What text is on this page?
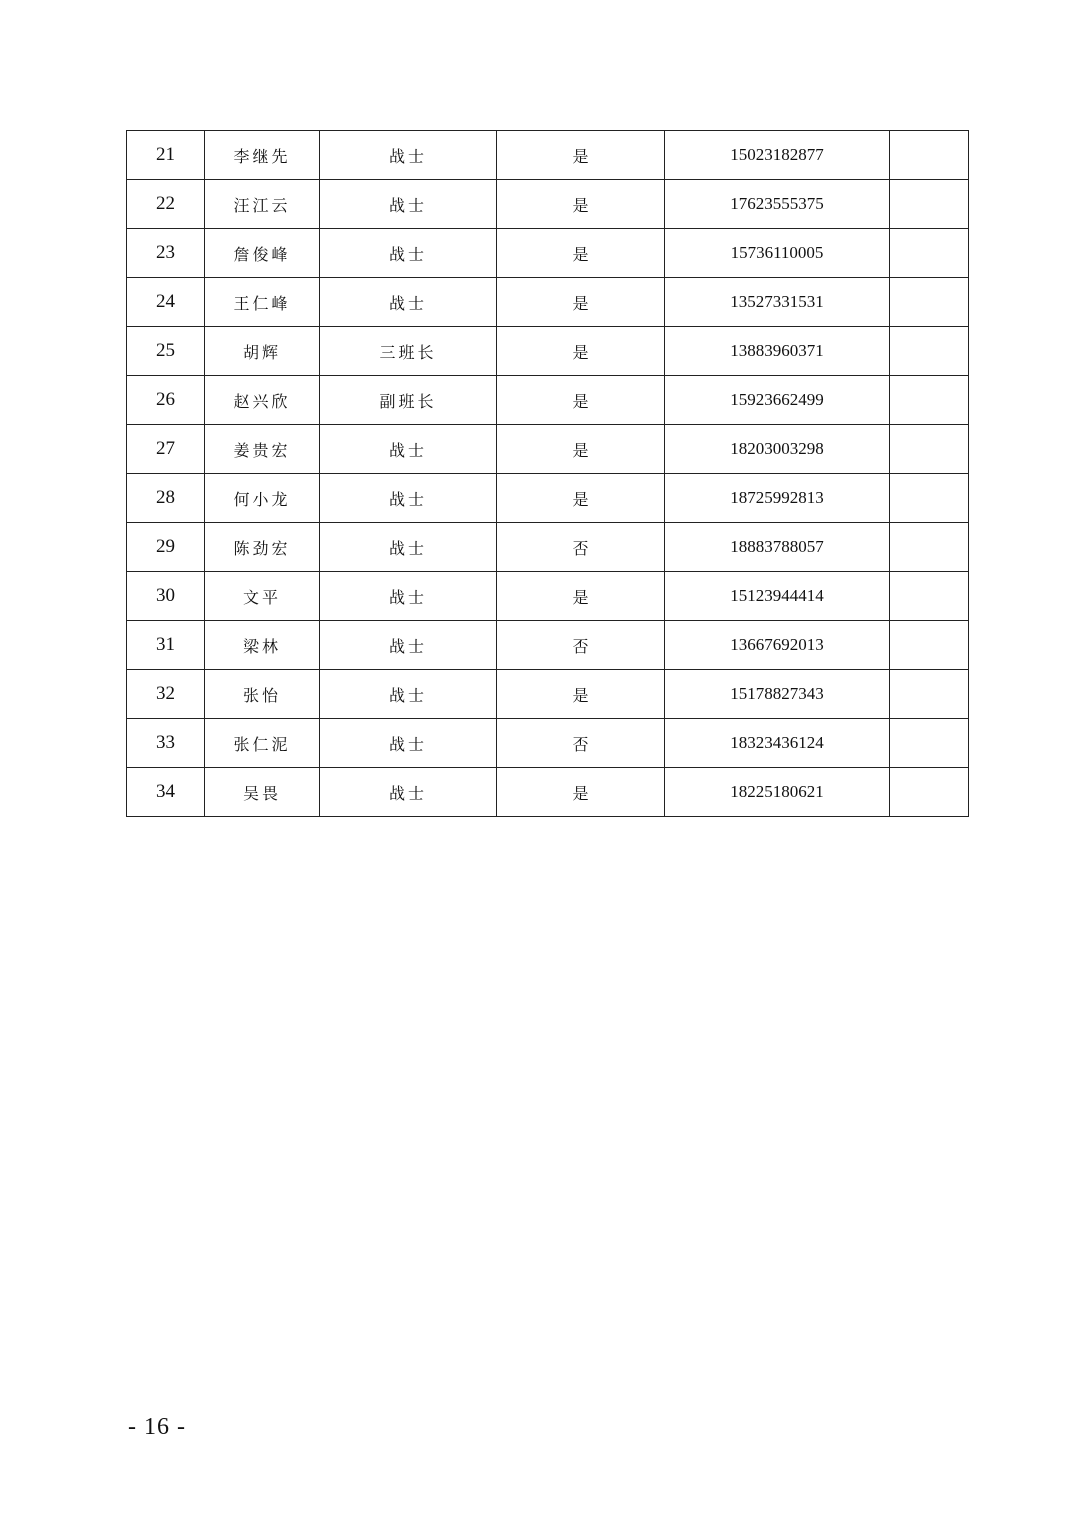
21	李继先	战士	是	15023182877	
22	汪江云	战士	是	17623555375	
23	詹俊峰	战士	是	15736110005	
24	王仁峰	战士	是	13527331531	
25	胡辉	三班长	是	13883960371	
26	赵兴欣	副班长	是	15923662499	
27	姜贵宏	战士	是	18203003298	
28	何小龙	战士	是	18725992813	
29	陈劲宏	战士	否	18883788057	
30	文平	战士	是	15123944414	
31	梁林	战士	否	13667692013	
32	张怡	战士	是	15178827343	
33	张仁泥	战士	否	18323436124	
34	吴畏	战士	是	18225180621	
- 16 -
